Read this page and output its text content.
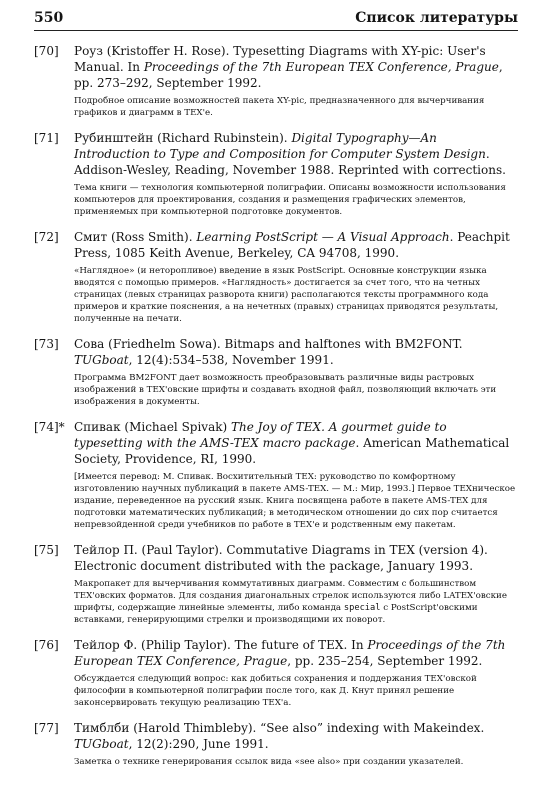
550	Список литературы
[70] Роуз (Kristoffer H. Rose). Typesetting Diagrams with XY-pic: User's Manual. In Proceedings of the 7th European TEX Conference, Prague, pp. 273–292, September 1992.
Подробное описание возможностей пакета XY-pic, предназначенного для вычерчивания графиков и диаграмм в TEX'е.
[71] Рубинштейн (Richard Rubinstein). Digital Typography—An Introduction to Type and Composition for Computer System Design. Addison-Wesley, Reading, November 1988. Reprinted with corrections.
Тема книги — технология компьютерной полиграфии. Описаны возможности использования компьютеров для проектирования, создания и размещения графических элементов, применяемых при компьютерной подготовке документов.
[72] Смит (Ross Smith). Learning PostScript — A Visual Approach. Peachpit Press, 1085 Keith Avenue, Berkeley, CA 94708, 1990.
«Наглядное» (и неторопливое) введение в язык PostScript. Основные конструкции языка вводятся с помощью примеров. «Наглядность» достигается за счет того, что на четных страницах (левых страницах разворота книги) располагаются тексты программного кода примеров и краткие пояснения, а на нечетных (правых) страницах приводятся результаты, полученные на печати.
[73] Сова (Friedhelm Sowa). Bitmaps and halftones with BM2FONT. TUGboat, 12(4):534–538, November 1991.
Программа BM2FONT дает возможность преобразовывать различные виды растровых изображений в TEX'овские шрифты и создавать входной файл, позволяющий включать эти изображения в документы.
[74]* Спивак (Michael Spivak) The Joy of TEX. A gourmet guide to typesetting with the AMS-TEX macro package. American Mathematical Society, Providence, RI, 1990.
[Имеется перевод: М. Спивак. Восхитительный TEX: руководство по комфортному изготовлению научных публикаций в пакете AMS-TEX. — М.: Мир, 1993.] Первое TEXническое издание, переведенное на русский язык. Книга посвящена работе в пакете AMS-TEX для подготовки математических публикаций; в методическом отношении до сих пор считается непревзойденной среди учебников по работе в TEX'е и родственным ему пакетам.
[75] Тейлор П. (Paul Taylor). Commutative Diagrams in TEX (version 4). Electronic document distributed with the package, January 1993.
Макропакет для вычерчивания коммутативных диаграмм. Совместим с большинством TEX'овских форматов. Для создания диагональных стрелок используются либо LATEX'овские шрифты, содержащие линейные элементы, либо команда special с PostScript'овскими вставками, генерирующими стрелки и производящими их поворот.
[76] Тейлор Ф. (Philip Taylor). The future of TEX. In Proceedings of the 7th European TEX Conference, Prague, pp. 235–254, September 1992.
Обсуждается следующий вопрос: как добиться сохранения и поддержания TEX'овской философии в компьютерной полиграфии после того, как Д. Кнут принял решение законсервировать текущую реализацию TEX'а.
[77] Тимблби (Harold Thimbleby). “See also” indexing with Makeindex. TUGboat, 12(2):290, June 1991.
Заметка о технике генерирования ссылок вида «see also» при создании указателей.
